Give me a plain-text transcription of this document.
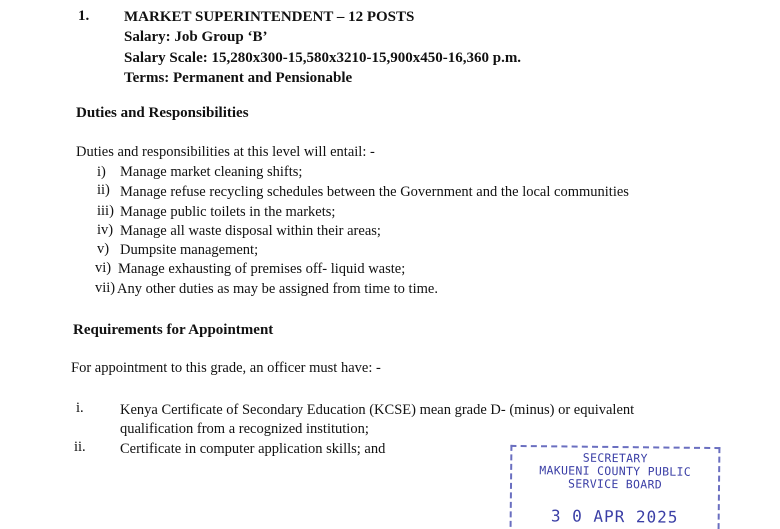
1. MARKET SUPERINTENDENT – 12 POSTS
Salary: Job Group ‘B’
Salary Scale: 15,280x300-15,580x3210-15,900x450-16,360 p.m.
Terms: Permanent and Pensionable
Duties and Responsibilities
Duties and responsibilities at this level will entail: -
i) Manage market cleaning shifts;
ii) Manage refuse recycling schedules between the Government and the local communities
iii) Manage public toilets in the markets;
iv) Manage all waste disposal within their areas;
v) Dumpsite management;
vi) Manage exhausting of premises off- liquid waste;
vii) Any other duties as may be assigned from time to time.
Requirements for Appointment
For appointment to this grade, an officer must have: -
i.	Kenya Certificate of Secondary Education (KCSE) mean grade D- (minus) or equivalent
qualification from a recognized institution;
ii. Certificate in computer application skills; and
SECRETARY
MAKUENI COUNTY PUBLIC
SERVICE BOARD
3 0 APR 2025
